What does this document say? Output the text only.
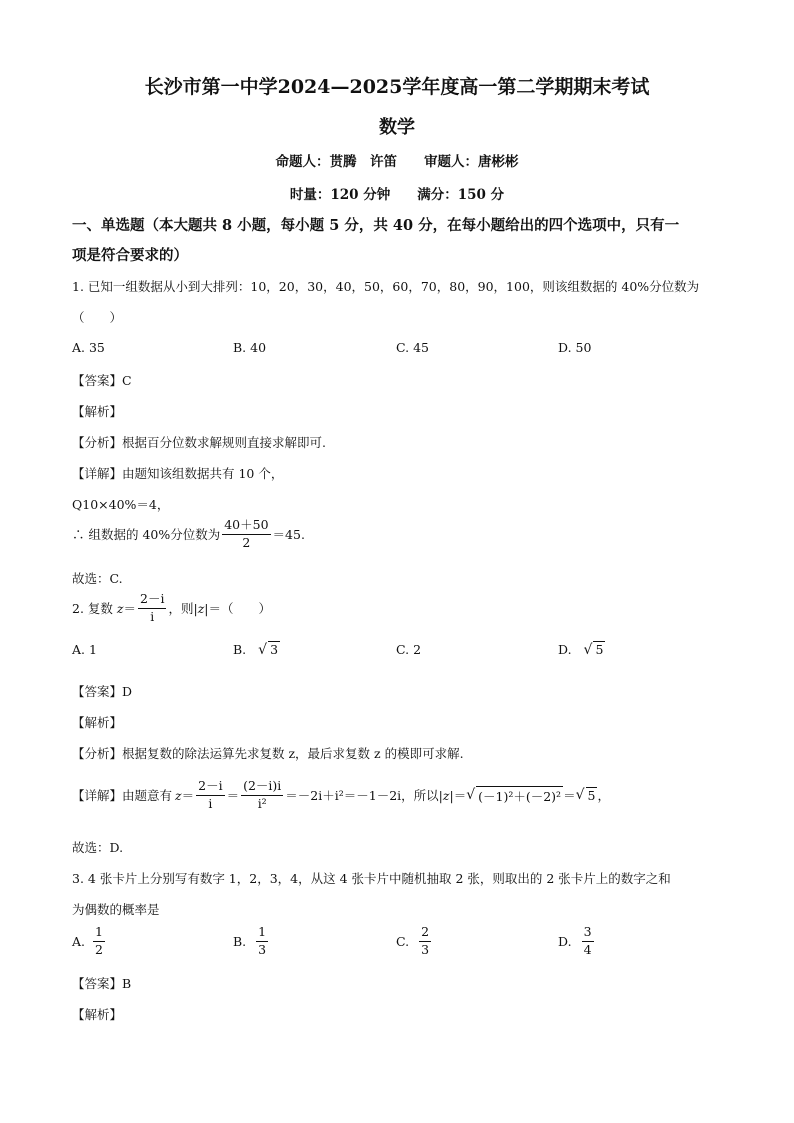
长沙市第一中学2024—2025学年度高一第二学期期末考试
数学
命题人：贳腾　许笛　　审题人：唐彬彬
时量：120 分钟　　满分：150 分
一、单选题（本大题共 8 小题，每小题 5 分，共 40 分，在每小题给出的四个选项中，只有一
项是符合要求的）
1. 已知一组数据从小到大排列：10，20，30，40，50，60，70，80，90，100，则该组数据的 40%分位数为
（　　）
A. 35	B. 40	C. 45	D. 50
【答案】C
【解析】
【分析】根据百分位数求解规则直接求解即可.
【详解】由题知该组数据共有 10 个，
Q10×40%＝4，
∴ 组数据的 40%分位数为 $\frac{40+50}{2} =45$.
故选：C.
2. 复数 $z = \frac{2-i}{i}$ ，则 |z| ＝（　　）
A. 1	B. √ 3	C. 2	D. √ 5
【答案】D
【解析】
【分析】根据复数的除法运算先求复数 z，最后求复数 z 的模即可求解.
【详解】由题意有 $z = \frac{2-i}{i} = \frac{(2-i)i}{\text{i²}} =-2i+i^2=-1-2i$，所以 |z| ＝ √ (－1)²＋(－2)² ＝ √ 5 ，
故选：D.
3. 4 张卡片上分别写有数字 1，2，3，4，从这 4 张卡片中随机抽取 2 张，则取出的 2 张卡片上的数字之和
为偶数的概率是
A. $\frac{1}{2}$	B. $\frac{1}{3}$	C. $\frac{2}{3}$	D. $\frac{3}{4}$
【答案】B
【解析】
